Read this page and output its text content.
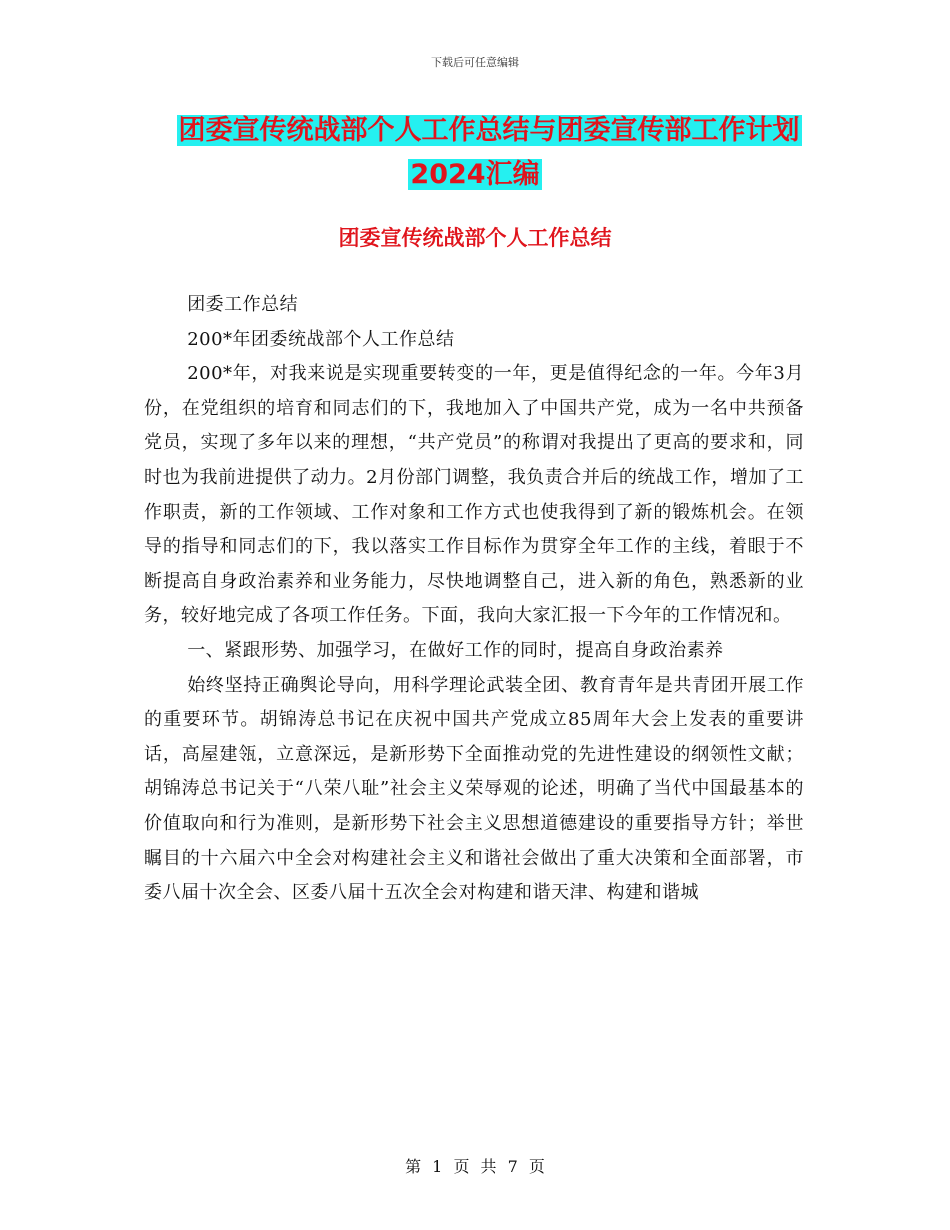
下载后可任意编辑
团委宣传统战部个人工作总结与团委宣传部工作计划
2024汇编
团委宣传统战部个人工作总结

团委工作总结

200*年团委统战部个人工作总结

200*年，对我来说是实现重要转变的一年，更是值得纪念的一年。今年3月份，在党组织的培育和同志们的下，我地加入了中国共产党，成为一名中共预备党员，实现了多年以来的理想，“共产党员”的称谓对我提出了更高的要求和，同时也为我前进提供了动力。2月份部门调整，我负责合并后的统战工作，增加了工作职责，新的工作领域、工作对象和工作方式也使我得到了新的锻炼机会。在领导的指导和同志们的下，我以落实工作目标作为贯穿全年工作的主线，着眼于不断提高自身政治素养和业务能力，尽快地调整自己，进入新的角色，熟悉新的业务，较好地完成了各项工作任务。下面，我向大家汇报一下今年的工作情况和。

一、紧跟形势、加强学习，在做好工作的同时，提高自身政治素养

始终坚持正确舆论导向，用科学理论武装全团、教育青年是共青团开展工作的重要环节。胡锦涛总书记在庆祝中国共产党成立85周年大会上发表的重要讲话，高屋建瓴，立意深远，是新形势下全面推动党的先进性建设的纲领性文献；胡锦涛总书记关于“八荣八耻”社会主义荣辱观的论述，明确了当代中国最基本的价值取向和行为准则，是新形势下社会主义思想道德建设的重要指导方针；举世瞩目的十六届六中全会对构建社会主义和谐社会做出了重大决策和全面部署，市委八届十次全会、区委八届十五次全会对构建和谐天津、构建和谐城

第 1 页 共 7 页
